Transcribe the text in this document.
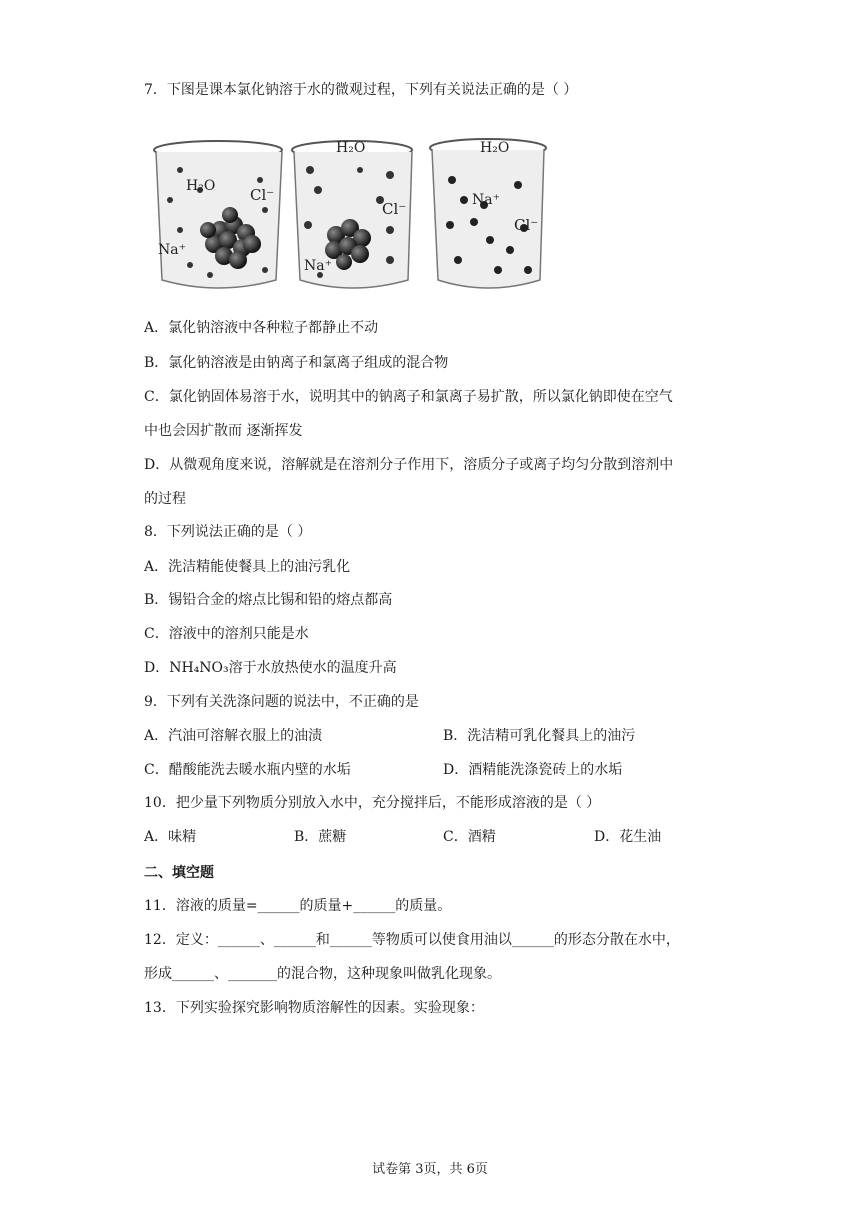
7．下图是课本氯化钠溶于水的微观过程，下列有关说法正确的是（ ）
H₂O Cl⁻
Na⁺
H₂O
Cl⁻
Na⁺
H₂O
Na⁺
Cl⁻
A．氯化钠溶液中各种粒子都静止不动
B．氯化钠溶液是由钠离子和氯离子组成的混合物
C．氯化钠固体易溶于水，说明其中的钠离子和氯离子易扩散，所以氯化钠即使在空气
中也会因扩散而 逐渐挥发
D．从微观角度来说，溶解就是在溶剂分子作用下，溶质分子或离子均匀分散到溶剂中
的过程
8．下列说法正确的是（ ）
A．洗洁精能使餐具上的油污乳化
B．锡铅合金的熔点比锡和铅的熔点都高
C．溶液中的溶剂只能是水
D．NH₄NO₃溶于水放热使水的温度升高
9．下列有关洗涤问题的说法中，不正确的是
A．汽油可溶解衣服上的油渍	B．洗洁精可乳化餐具上的油污
C．醋酸能洗去暖水瓶内壁的水垢	D．酒精能洗涤瓷砖上的水垢
10．把少量下列物质分别放入水中，充分搅拌后，不能形成溶液的是（ ）
A．味精	B．蔗糖	C．酒精	D．花生油
二、填空题
11．溶液的质量=______的质量+______的质量。
12．定义：______、______和______等物质可以使食用油以______的形态分散在水中，
形成______、_______的混合物，这种现象叫做乳化现象。
13．下列实验探究影响物质溶解性的因素。实验现象：
试卷第 3页，共 6页
